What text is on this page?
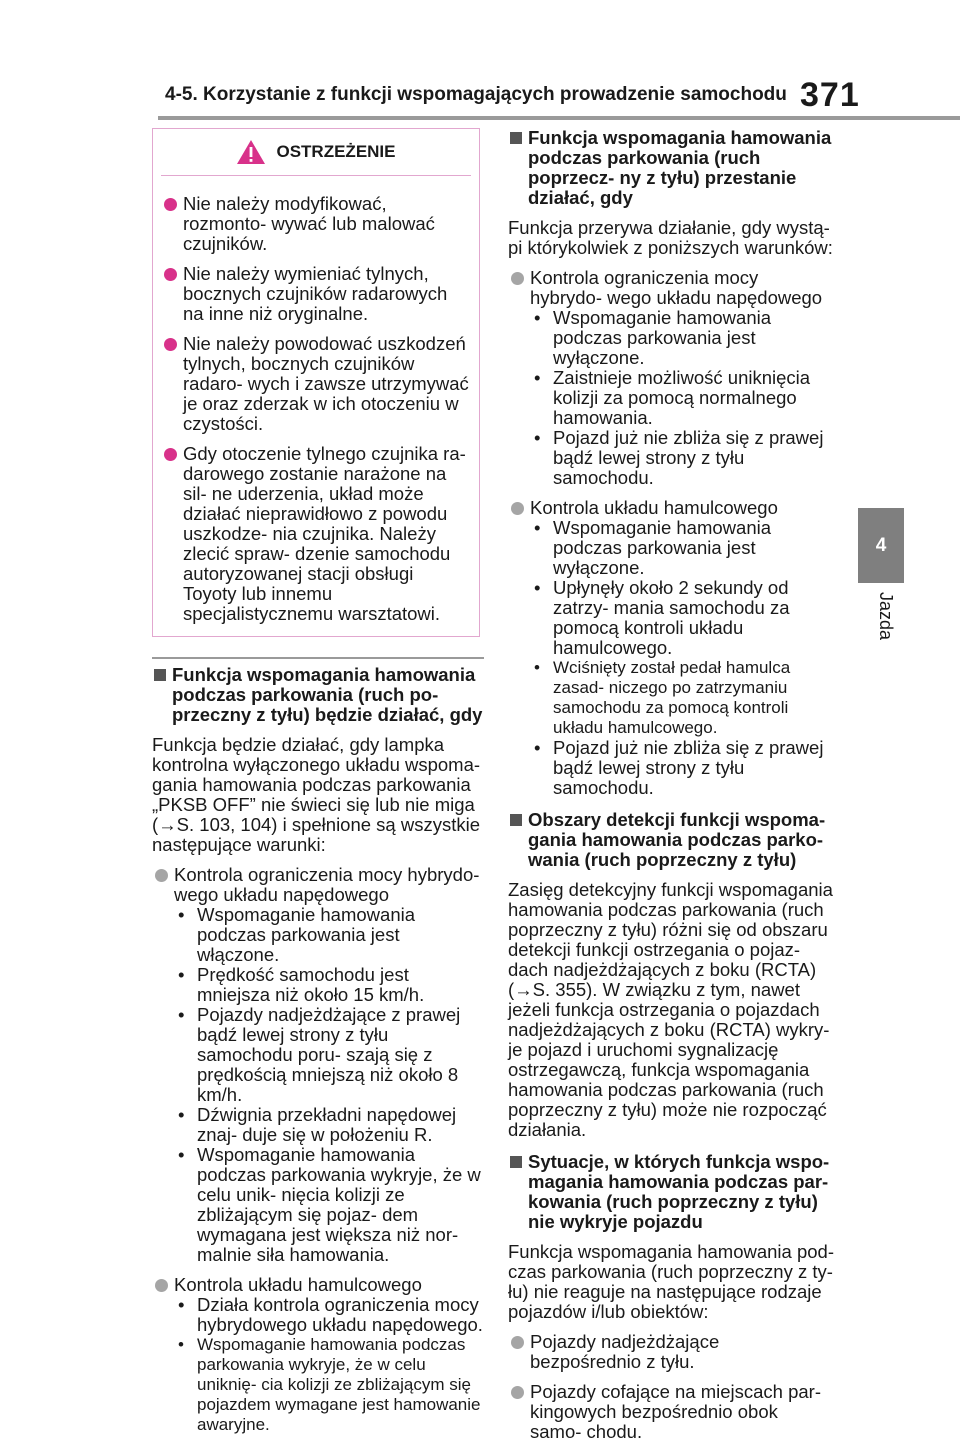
4-5. Korzystanie z funkcji wspomagających prowadzenie samochodu 371
4
Jazda
OSTRZEŻENIE
Nie należy modyfikować, rozmonto- wywać lub malować czujników.
Nie należy wymieniać tylnych, bocznych czujników radarowych na inne niż oryginalne.
Nie należy powodować uszkodzeń tylnych, bocznych czujników radaro- wych i zawsze utrzymywać je oraz zderzak w ich otoczeniu w czystości.
Gdy otoczenie tylnego czujnika ra- darowego zostanie narażone na sil- ne uderzenia, układ może działać nieprawidłowo z powodu uszkodze- nia czujnika. Należy zlecić spraw- dzenie samochodu autoryzowanej stacji obsługi Toyoty lub innemu specjalistycznemu warsztatowi.
Funkcja wspomagania hamowania podczas parkowania (ruch po- przeczny z tyłu) będzie działać, gdy
Funkcja będzie działać, gdy lampka kontrolna wyłączonego układu wspoma- gania hamowania podczas parkowania „PKSB OFF” nie świeci się lub nie miga (→S. 103, 104) i spełnione są wszystkie następujące warunki:
Kontrola ograniczenia mocy hybrydo- wego układu napędowego
• Wspomaganie hamowania podczas parkowania jest włączone.
• Prędkość samochodu jest mniejsza niż około 15 km/h.
• Pojazdy nadjeżdżające z prawej bądź lewej strony z tyłu samochodu poru- szają się z prędkością mniejszą niż około 8 km/h.
• Dźwignia przekładni napędowej znaj- duje się w położeniu R.
• Wspomaganie hamowania podczas parkowania wykryje, że w celu unik- nięcia kolizji ze zbliżającym się pojaz- dem wymagana jest większa niż nor- malnie siła hamowania.
Kontrola układu hamulcowego
• Działa kontrola ograniczenia mocy hybrydowego układu napędowego.
• Wspomaganie hamowania podczas parkowania wykryje, że w celu uniknię- cia kolizji ze zbliżającym się pojazdem wymagane jest hamowanie awaryjne.
Funkcja wspomagania hamowania podczas parkowania (ruch poprzecz- ny z tyłu) przestanie działać, gdy
Funkcja przerywa działanie, gdy wystą- pi którykolwiek z poniższych warunków:
Kontrola ograniczenia mocy hybrydo- wego układu napędowego
• Wspomaganie hamowania podczas parkowania jest wyłączone.
• Zaistnieje możliwość uniknięcia kolizji za pomocą normalnego hamowania.
• Pojazd już nie zbliża się z prawej bądź lewej strony z tyłu samochodu.
Kontrola układu hamulcowego
• Wspomaganie hamowania podczas parkowania jest wyłączone.
• Upłynęły około 2 sekundy od zatrzy- mania samochodu za pomocą kontroli układu hamulcowego.
• Wciśnięty został pedał hamulca zasad- niczego po zatrzymaniu samochodu za pomocą kontroli układu hamulcowego.
• Pojazd już nie zbliża się z prawej bądź lewej strony z tyłu samochodu.
Obszary detekcji funkcji wspoma- gania hamowania podczas parko- wania (ruch poprzeczny z tyłu)
Zasięg detekcyjny funkcji wspomagania hamowania podczas parkowania (ruch poprzeczny z tyłu) różni się od obszaru detekcji funkcji ostrzegania o pojaz- dach nadjeżdżających z boku (RCTA) (→S. 355). W związku z tym, nawet jeżeli funkcja ostrzegania o pojazdach nadjeżdżających z boku (RCTA) wykry- je pojazd i uruchomi sygnalizację ostrzegawczą, funkcja wspomagania hamowania podczas parkowania (ruch poprzeczny z tyłu) może nie rozpocząć działania.
Sytuacje, w których funkcja wspo- magania hamowania podczas par- kowania (ruch poprzeczny z tyłu) nie wykryje pojazdu
Funkcja wspomagania hamowania pod- czas parkowania (ruch poprzeczny z ty- łu) nie reaguje na następujące rodzaje pojazdów i/lub obiektów:
Pojazdy nadjeżdżające bezpośrednio z tyłu.
Pojazdy cofające na miejscach par- kingowych bezpośrednio obok samo- chodu.
